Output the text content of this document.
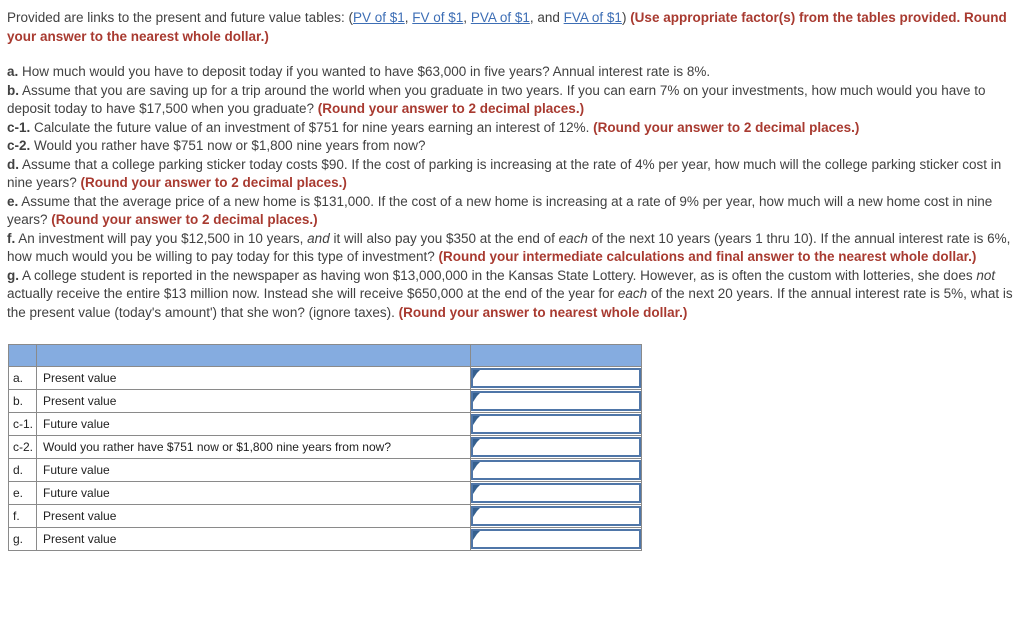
Provided are links to the present and future value tables: (PV of $1, FV of $1, PVA of $1, and FVA of $1) (Use appropriate factor(s) from the tables provided. Round your answer to the nearest whole dollar.)

a. How much would you have to deposit today if you wanted to have $63,000 in five years? Annual interest rate is 8%.

b. Assume that you are saving up for a trip around the world when you graduate in two years. If you can earn 7% on your investments, how much would you have to deposit today to have $17,500 when you graduate? (Round your answer to 2 decimal places.)

c-1. Calculate the future value of an investment of $751 for nine years earning an interest of 12%. (Round your answer to 2 decimal places.)

c-2. Would you rather have $751 now or $1,800 nine years from now?

d. Assume that a college parking sticker today costs $90. If the cost of parking is increasing at the rate of 4% per year, how much will the college parking sticker cost in nine years? (Round your answer to 2 decimal places.)

e. Assume that the average price of a new home is $131,000. If the cost of a new home is increasing at a rate of 9% per year, how much will a new home cost in nine years? (Round your answer to 2 decimal places.)

f. An investment will pay you $12,500 in 10 years, and it will also pay you $350 at the end of each of the next 10 years (years 1 thru 10). If the annual interest rate is 6%, how much would you be willing to pay today for this type of investment? (Round your intermediate calculations and final answer to the nearest whole dollar.)

g. A college student is reported in the newspaper as having won $13,000,000 in the Kansas State Lottery. However, as is often the custom with lotteries, she does not actually receive the entire $13 million now. Instead she will receive $650,000 at the end of the year for each of the next 20 years. If the annual interest rate is 5%, what is the present value (today's amount') that she won? (ignore taxes). (Round your answer to nearest whole dollar.)

a.	Present value	

b.	Present value	

c-1.	Future value	

c-2.	Would you rather have $751 now or $1,800 nine years from now?	

d.	Future value	

e.	Future value	

f.	Present value	

g.	Present value	
